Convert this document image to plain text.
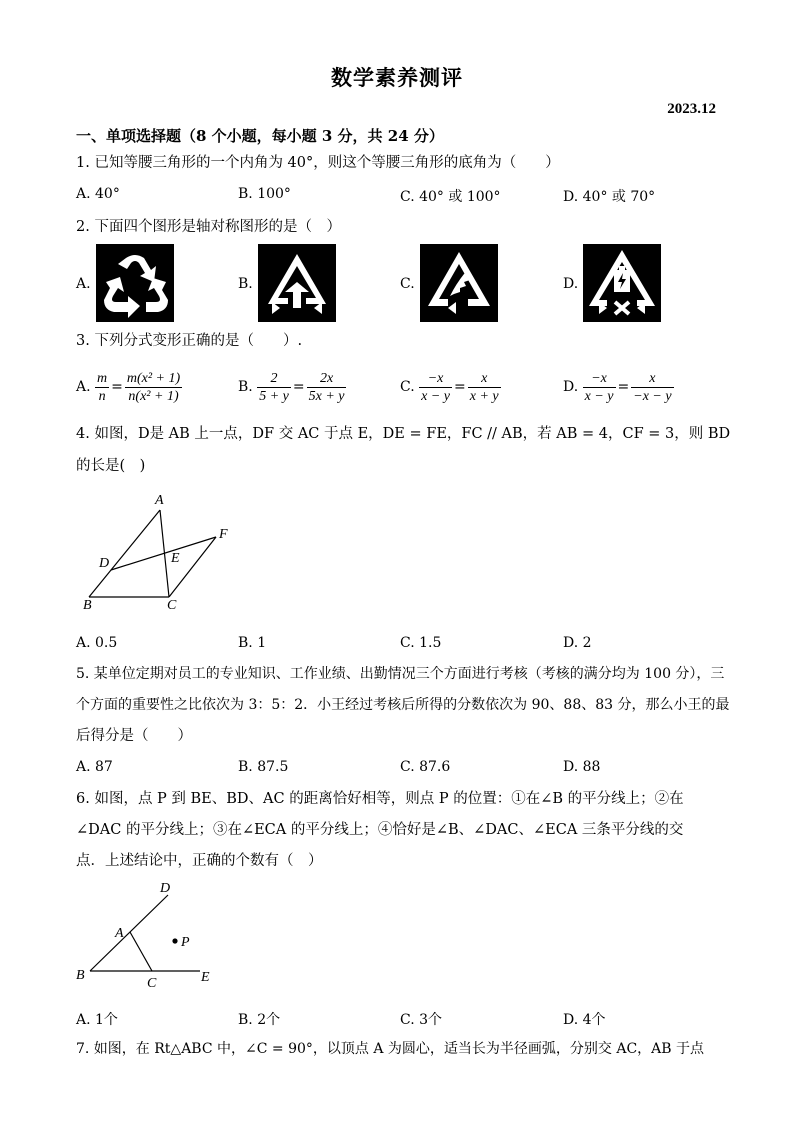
数学素养测评
2023.12
一、单项选择题（8 个小题，每小题 3 分，共 24 分）
1. 已知等腰三角形的一个内角为 40°，则这个等腰三角形的底角为（　　）
A. 40°	B. 100°	C. 40° 或 100°	D. 40° 或 70°
2. 下面四个图形是轴对称图形的是（　）
A.	B.	C.	D.
3. 下列分式变形正确的是（　　）.
A.
$\frac{m}{n} = \frac{\text{m(x² + 1)}}{\text{n(x² + 1)}}$	B.
$\frac{2}{5 + y} = \frac{2x}{5x + y}$	C.
$\frac{-x}{x - y} = \frac{x}{x + y}$	D.
$\frac{-x}{x - y} = \frac{x}{-x - y}$
4. 如图，D是 AB 上一点，DF 交 AC 于点 E，DE = FE，FC // AB，若 AB = 4，CF = 3，则 BD
的长是(　)
A
B	C
D	E
F
A. 0.5	B. 1	C. 1.5	D. 2
5. 某单位定期对员工的专业知识、工作业绩、出勤情况三个方面进行考核（考核的满分均为 100 分），三
个方面的重要性之比依次为 3：5：2．小王经过考核后所得的分数依次为 90、88、83 分，那么小王的最
后得分是（　　）
A. 87	B. 87.5	C. 87.6	D. 88
6. 如图，点 P 到 BE、BD、AC 的距离恰好相等，则点 P 的位置：①在∠B 的平分线上；②在
∠DAC 的平分线上；③在∠ECA 的平分线上；④恰好是∠B、∠DAC、∠ECA 三条平分线的交
点．上述结论中，正确的个数有（　）
D
A
P
B
C	E
A. 1个	B. 2个	C. 3个	D. 4个
7. 如图，在 Rt△ABC 中，∠C = 90°，以顶点 A 为圆心，适当长为半径画弧，分别交 AC，AB 于点
